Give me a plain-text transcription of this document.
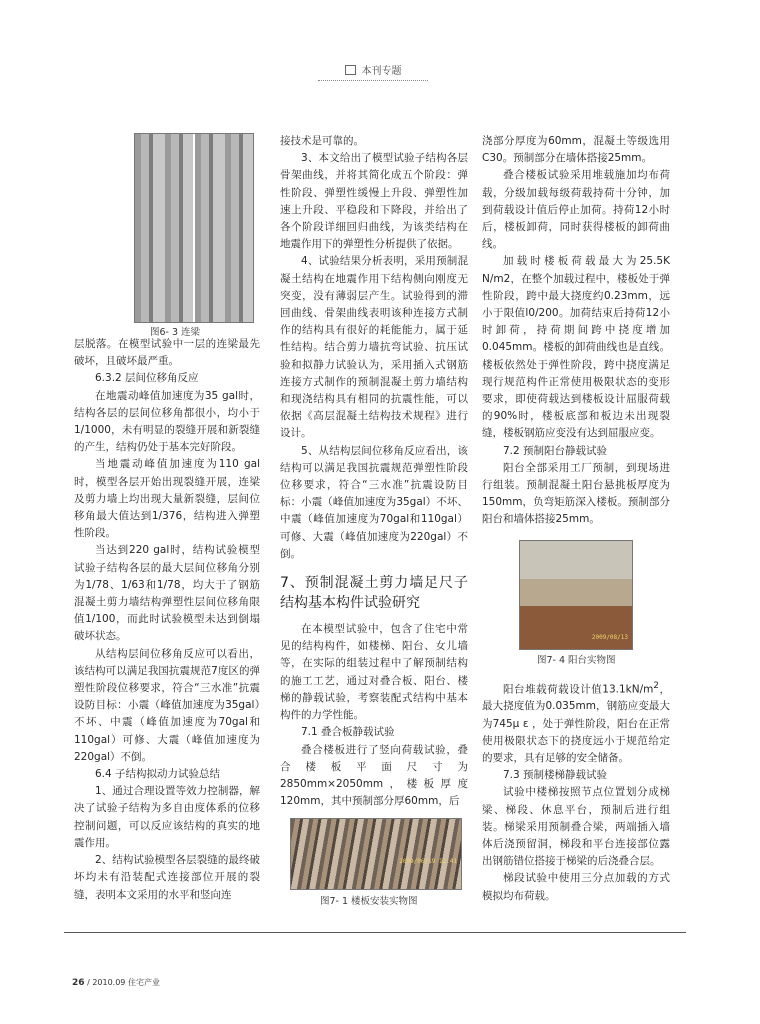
本刊专题
图6- 3 连梁

层脱落。在模型试验中一层的连梁最先破坏，且破坏最严重。

6.3.2 层间位移角反应

在地震动峰值加速度为35 gal时，结构各层的层间位移角都很小，均小于1/1000，未有明显的裂缝开展和新裂缝的产生，结构仍处于基本完好阶段。

当地震动峰值加速度为110 gal时，模型各层开始出现裂缝开展，连梁及剪力墙上均出现大量新裂缝，层间位移角最大值达到1/376，结构进入弹塑性阶段。

当达到220 gal时，结构试验模型试验子结构各层的最大层间位移角分别为1/78、1/63和1/78，均大于了钢筋混凝土剪力墙结构弹塑性层间位移角限值1/100，而此时试验模型未达到倒塌破坏状态。

从结构层间位移角反应可以看出，该结构可以满足我国抗震规范7度区的弹塑性阶段位移要求，符合“三水准”抗震设防目标：小震（峰值加速度为35gal）不坏、中震（峰值加速度为70gal和110gal）可修、大震（峰值加速度为220gal）不倒。

6.4 子结构拟动力试验总结

1、通过合理设置等效力控制器，解决了试验子结构为多自由度体系的位移控制问题，可以反应该结构的真实的地震作用。

2、结构试验模型各层裂缝的最终破坏均未有沿装配式连接部位开展的裂缝，表明本文采用的水平和竖向连

接技术是可靠的。

3、本文给出了模型试验子结构各层骨架曲线，并将其简化成五个阶段：弹性阶段、弹塑性缓慢上升段、弹塑性加速上升段、平稳段和下降段，并给出了各个阶段详细回归曲线，为该类结构在地震作用下的弹塑性分析提供了依据。

4、试验结果分析表明，采用预制混凝土结构在地震作用下结构侧向刚度无突变，没有薄弱层产生。试验得到的滞回曲线、骨架曲线表明该种连接方式制作的结构具有很好的耗能能力，属于延性结构。结合剪力墙抗弯试验、抗压试验和拟静力试验认为，采用插入式钢筋连接方式制作的预制混凝土剪力墙结构和现浇结构具有相同的抗震性能，可以依据《高层混凝土结构技术规程》进行设计。

5、从结构层间位移角反应看出，该结构可以满足我国抗震规范弹塑性阶段位移要求，符合“三水准”抗震设防目标：小震（峰值加速度为35gal）不坏、中震（峰值加速度为70gal和110gal）可修、大震（峰值加速度为220gal）不倒。

7、预制混凝土剪力墙足尺子结构基本构件试验研究

在本模型试验中，包含了住宅中常见的结构构件，如楼梯、阳台、女儿墙等，在实际的组装过程中了解预制结构的施工工艺，通过对叠合板、阳台、楼梯的静载试验，考察装配式结构中基本构件的力学性能。

7.1 叠合板静载试验

叠合楼板进行了竖向荷载试验，叠合楼板平面尺寸为2850mm×2050mm，楼板厚度120mm，其中预制部分厚60mm，后

2009/06/19 12:41
图7- 1 楼板安装实物图

浇部分厚度为60mm，混凝土等级选用C30。预制部分在墙体搭接25mm。

叠合楼板试验采用堆载施加均布荷载，分级加载每级荷载持荷十分钟，加到荷载设计值后停止加荷。持荷12小时后，楼板卸荷，同时获得楼板的卸荷曲线。

加载时楼板荷载最大为25.5K N/m2，在整个加载过程中，楼板处于弹性阶段，跨中最大挠度约0.23mm，远小于限值l0/200。加荷结束后持荷12小时卸荷，持荷期间跨中挠度增加0.045mm。楼板的卸荷曲线也是直线。楼板依然处于弹性阶段，跨中挠度满足现行规范构件正常使用极限状态的变形要求，即使荷载达到楼板设计屈服荷载的90%时，楼板底部和板边未出现裂缝，楼板钢筋应变没有达到屈服应变。

7.2 预制阳台静载试验

阳台全部采用工厂预制，到现场进行组装。预制混凝土阳台悬挑板厚度为150mm，负弯矩筋深入楼板。预制部分阳台和墙体搭接25mm。

阳台堆载荷载设计值$13.1kN/m^2$，最大挠度值为0.035mm，钢筋应变最大为745μ ε ，处于弹性阶段，阳台在正常使用极限状态下的挠度远小于规范给定的要求，具有足够的安全储备。

7.3 预制楼梯静载试验

试验中楼梯按照节点位置划分成梯梁、梯段、休息平台，预制后进行组装。梯梁采用预制叠合梁，两端插入墙体后浇预留洞，梯段和平台连接部位露出钢筋错位搭接于梯梁的后浇叠合层。

梯段试验中使用三分点加载的方式模拟均布荷载。

2009/08/13
图7- 4 阳台实物图
26 / 2010.09 住宅产业
